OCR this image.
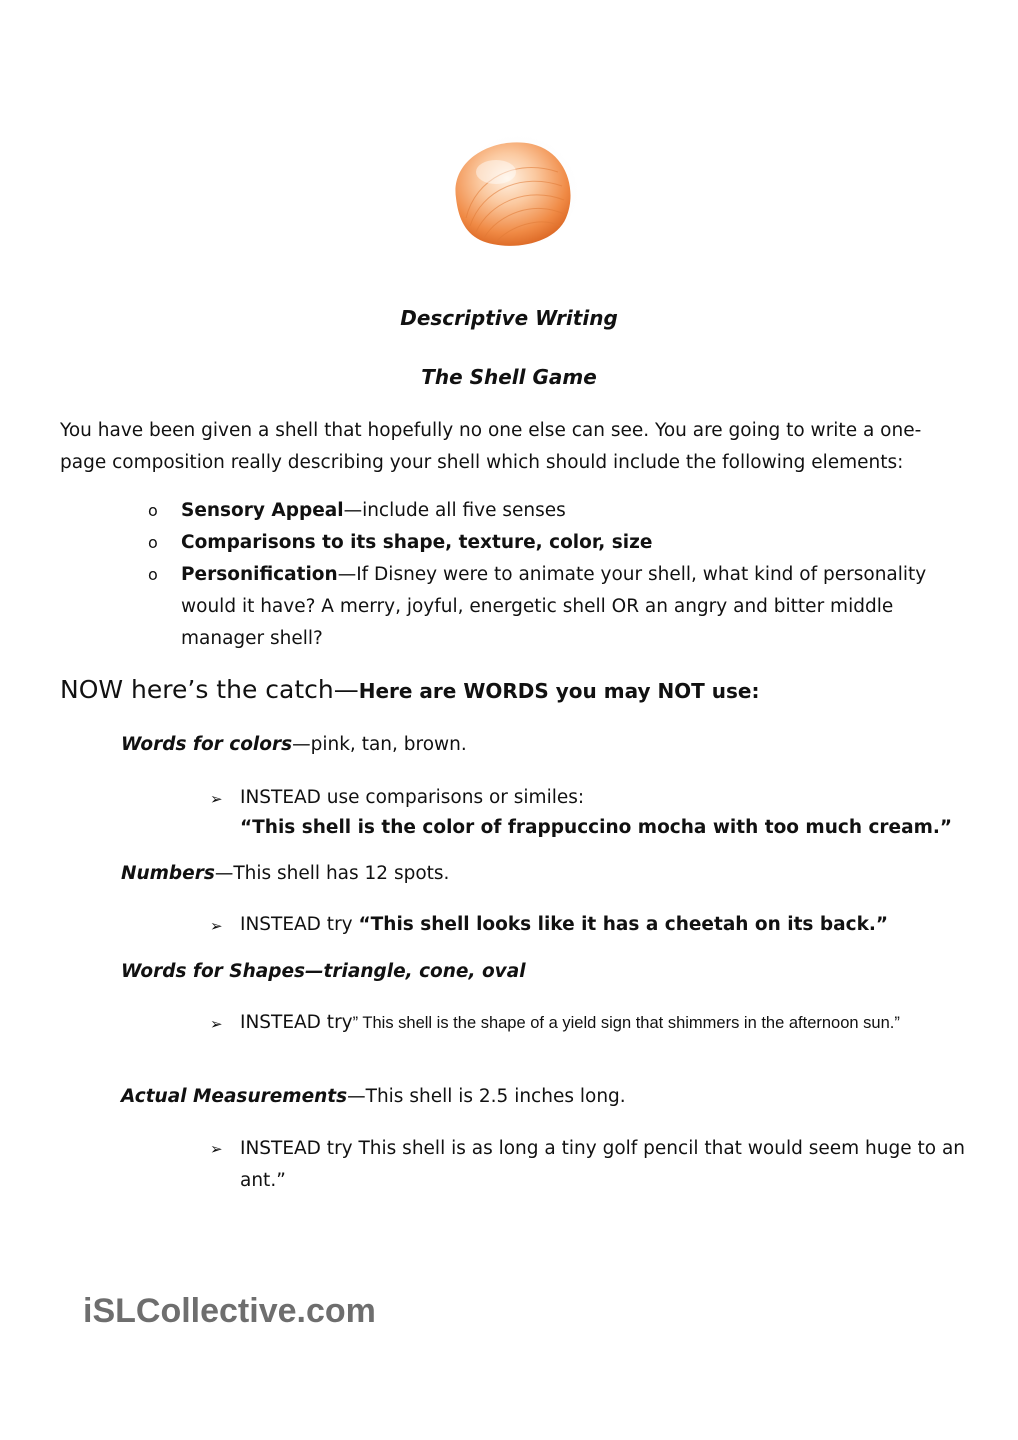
Descriptive Writing
The Shell Game
You have been given a shell that hopefully no one else can see. You are going to write a one-page composition really describing your shell which should include the following elements:
o Sensory Appeal—include all five senses
o Comparisons to its shape, texture, color, size
o Personification—If Disney were to animate your shell, what kind of personality would it have? A merry, joyful, energetic shell OR an angry and bitter middle manager shell?
NOW here’s the catch—Here are WORDS you may NOT use:
Words for colors—pink, tan, brown.
➢ INSTEAD use comparisons or similes:
“This shell is the color of frappuccino mocha with too much cream.”
Numbers—This shell has 12 spots.
➢ INSTEAD try “This shell looks like it has a cheetah on its back.”
Words for Shapes—triangle, cone, oval
➢ INSTEAD try” This shell is the shape of a yield sign that shimmers in the afternoon sun.”
Actual Measurements—This shell is 2.5 inches long.
➢ INSTEAD try This shell is as long a tiny golf pencil that would seem huge to an ant.”
iSLCollective.com
